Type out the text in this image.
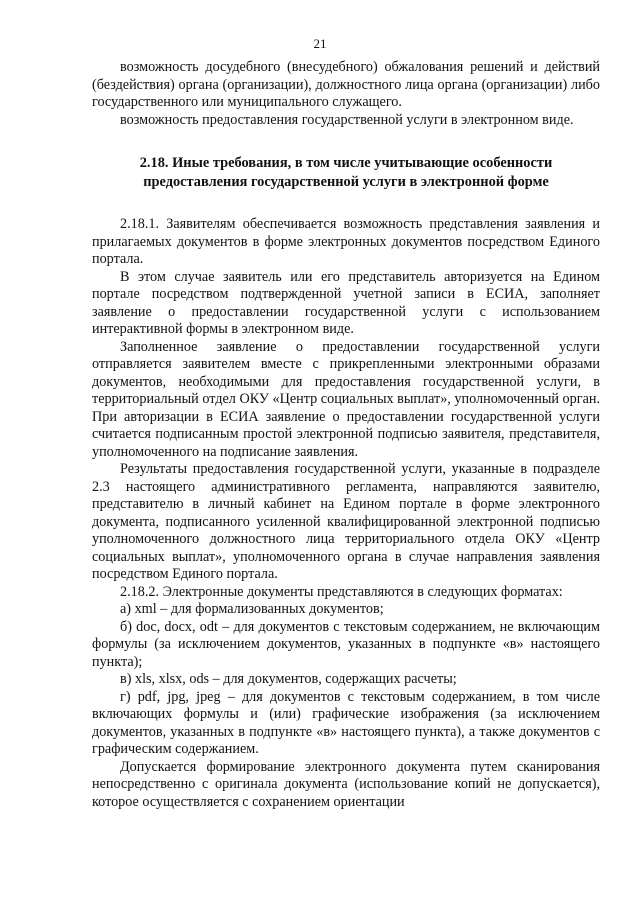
21

возможность досудебного (внесудебного) обжалования решений и действий (бездействия) органа (организации), должностного лица органа (организации) либо государственного или муниципального служащего.

возможность предоставления государственной услуги в электронном виде.

2.18. Иные требования, в том числе учитывающие особенности
предоставления государственной услуги в электронной форме

2.18.1. Заявителям обеспечивается возможность представления заявления и прилагаемых документов в форме электронных документов посредством Единого портала.

В этом случае заявитель или его представитель авторизуется на Едином портале посредством подтвержденной учетной записи в ЕСИА, заполняет заявление о предоставлении государственной услуги с использованием интерактивной формы в электронном виде.

Заполненное заявление о предоставлении государственной услуги отправляется заявителем вместе с прикрепленными электронными образами документов, необходимыми для предоставления государственной услуги, в территориальный отдел ОКУ «Центр социальных выплат», уполномоченный орган. При авторизации в ЕСИА заявление о предоставлении государственной услуги считается подписанным простой электронной подписью заявителя, представителя, уполномоченного на подписание заявления.

Результаты предоставления государственной услуги, указанные в подразделе 2.3 настоящего административного регламента, направляются заявителю, представителю в личный кабинет на Едином портале в форме электронного документа, подписанного усиленной квалифицированной электронной подписью уполномоченного должностного лица территориального отдела ОКУ «Центр социальных выплат», уполномоченного органа в случае направления заявления посредством Единого портала.

2.18.2. Электронные документы представляются в следующих форматах:

а) xml – для формализованных документов;

б) doc, docx, odt – для документов с текстовым содержанием, не включающим формулы (за исключением документов, указанных в подпункте «в» настоящего пункта);

в) xls, xlsx, ods – для документов, содержащих расчеты;

г) pdf, jpg, jpeg – для документов с текстовым содержанием, в том числе включающих формулы и (или) графические изображения (за исключением документов, указанных в подпункте «в» настоящего пункта), а также документов с графическим содержанием.

Допускается формирование электронного документа путем сканирования непосредственно с оригинала документа (использование копий не допускается), которое осуществляется с сохранением ориентации
